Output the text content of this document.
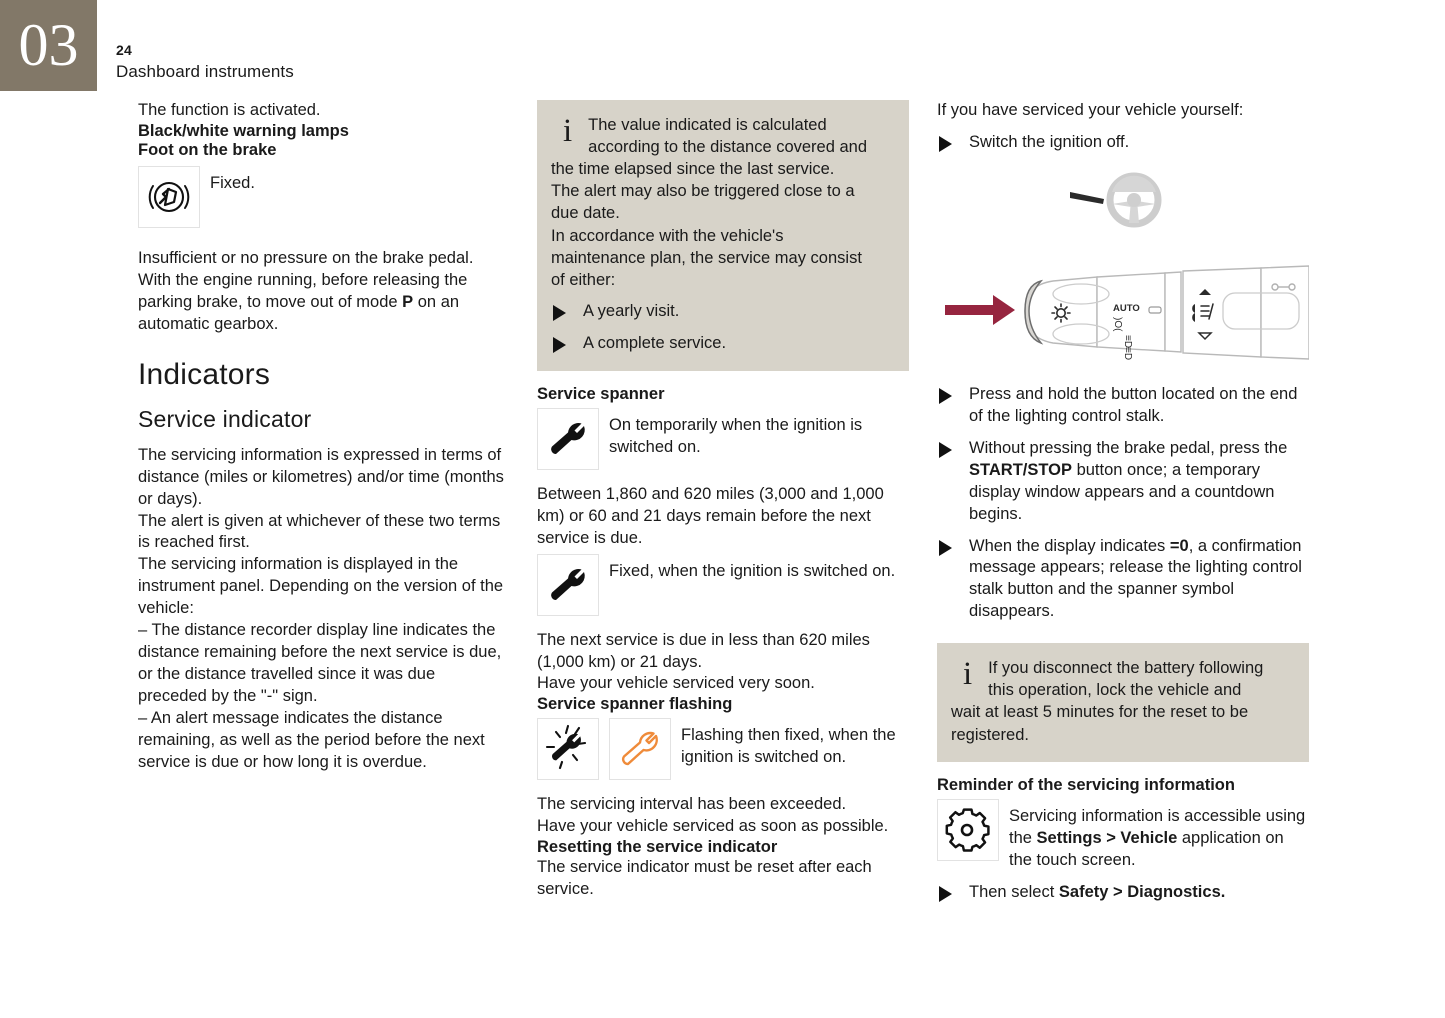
03	24
Dashboard instruments

The function is activated.

Black/white warning lamps
Foot on the brake
Fixed.

Insufficient or no pressure on the brake pedal.

With the engine running, before releasing the parking brake, to move out of mode P on an automatic gearbox.

Indicators
Service indicator

The servicing information is expressed in terms of distance (miles or kilometres) and/or time (months or days).

The alert is given at whichever of these two terms is reached first.

The servicing information is displayed in the instrument panel. Depending on the version of the vehicle:

– The distance recorder display line indicates the distance remaining before the next service is due, or the distance travelled since it was due preceded by the "-" sign.

– An alert message indicates the distance remaining, as well as the period before the next service is due or how long it is overdue.

i The value indicated is calculated

according to the distance covered and

the time elapsed since the last service.

The alert may also be triggered close to a

due date.

In accordance with the vehicle's

maintenance plan, the service may consist

of either:

A yearly visit.
A complete service.
Service spanner
On temporarily when the ignition is switched on.

Between 1,860 and 620 miles (3,000 and 1,000 km) or 60 and 21 days remain before the next service is due.

Fixed, when the ignition is switched on.

The next service is due in less than 620 miles (1,000 km) or 21 days.

Have your vehicle serviced very soon.

Service spanner flashing
Flashing then fixed, when the ignition is switched on.

The servicing interval has been exceeded.

Have your vehicle serviced as soon as possible.

Resetting the service indicator

The service indicator must be reset after each service.

If you have serviced your vehicle yourself:

Switch the ignition off.
AUTO
)O(
≡D
≡D
Press and hold the button located on the end of the lighting control stalk.
Without pressing the brake pedal, press the START/STOP button once; a temporary display window appears and a countdown begins.
When the display indicates =0, a confirmation message appears; release the lighting control stalk button and the spanner symbol disappears.
i If you disconnect the battery following

this operation, lock the vehicle and

wait at least 5 minutes for the reset to be

registered.

Reminder of the servicing information
Servicing information is accessible using the Settings > Vehicle application on the touch screen.
Then select Safety > Diagnostics.
